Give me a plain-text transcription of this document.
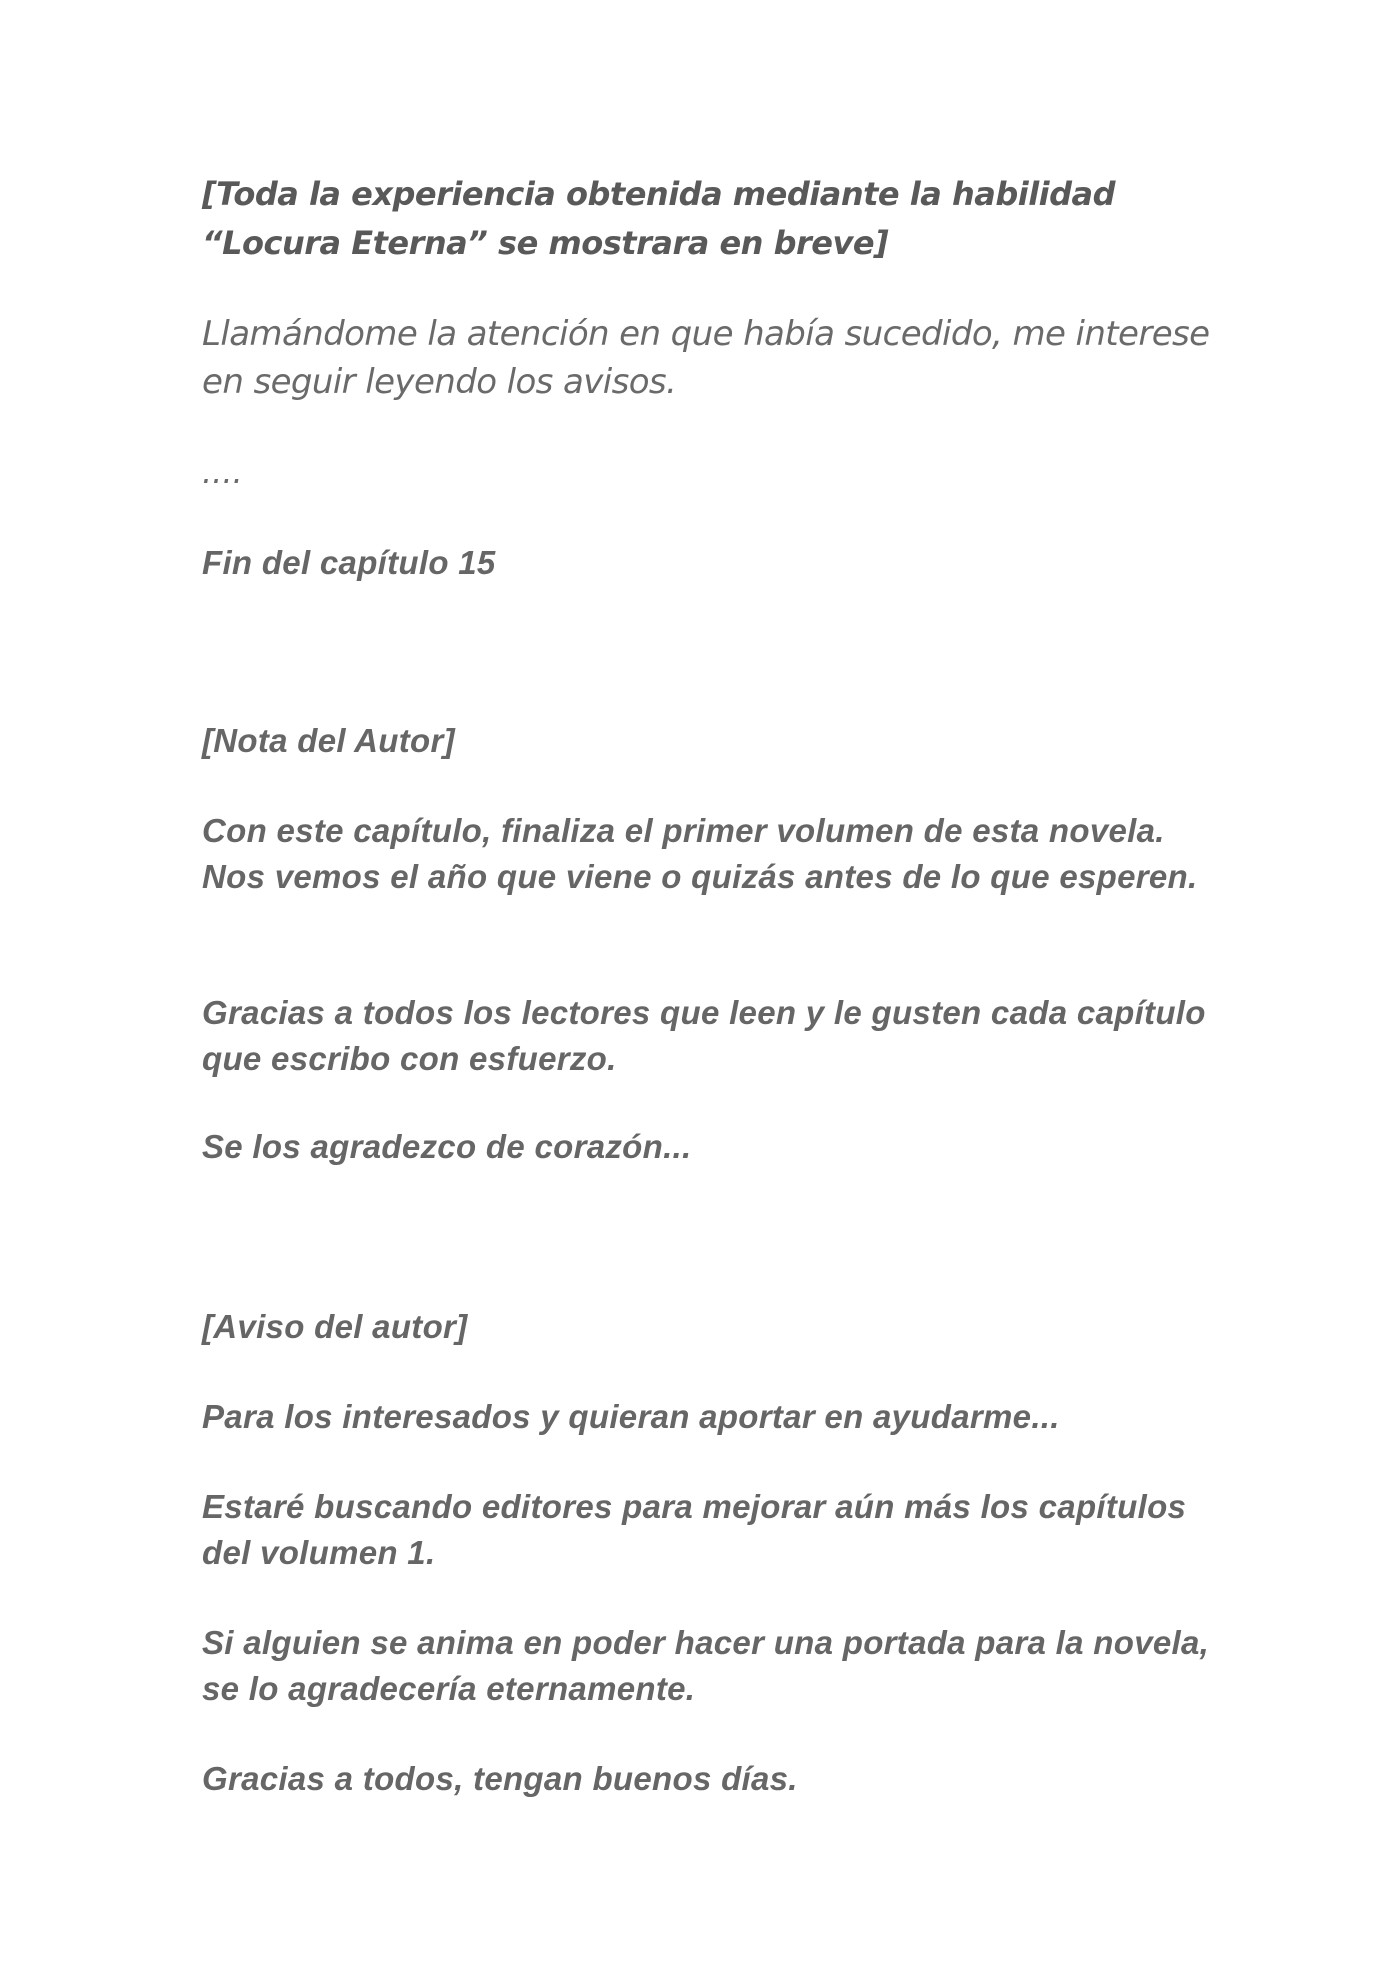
[Toda la experiencia obtenida mediante la habilidad “Locura Eterna” se mostrara en breve]

Llamándome la atención en que había sucedido, me interese en seguir leyendo los avisos.

....

Fin del capítulo 15

[Nota del Autor]

Con este capítulo, finaliza el primer volumen de esta novela. Nos vemos el año que viene o quizás antes de lo que esperen.

Gracias a todos los lectores que leen y le gusten cada capítulo que escribo con esfuerzo.

Se los agradezco de corazón...

[Aviso del autor]

Para los interesados y quieran aportar en ayudarme...

Estaré buscando editores para mejorar aún más los capítulos del volumen 1.

Si alguien se anima en poder hacer una portada para la novela, se lo agradecería eternamente.

Gracias a todos, tengan buenos días.
